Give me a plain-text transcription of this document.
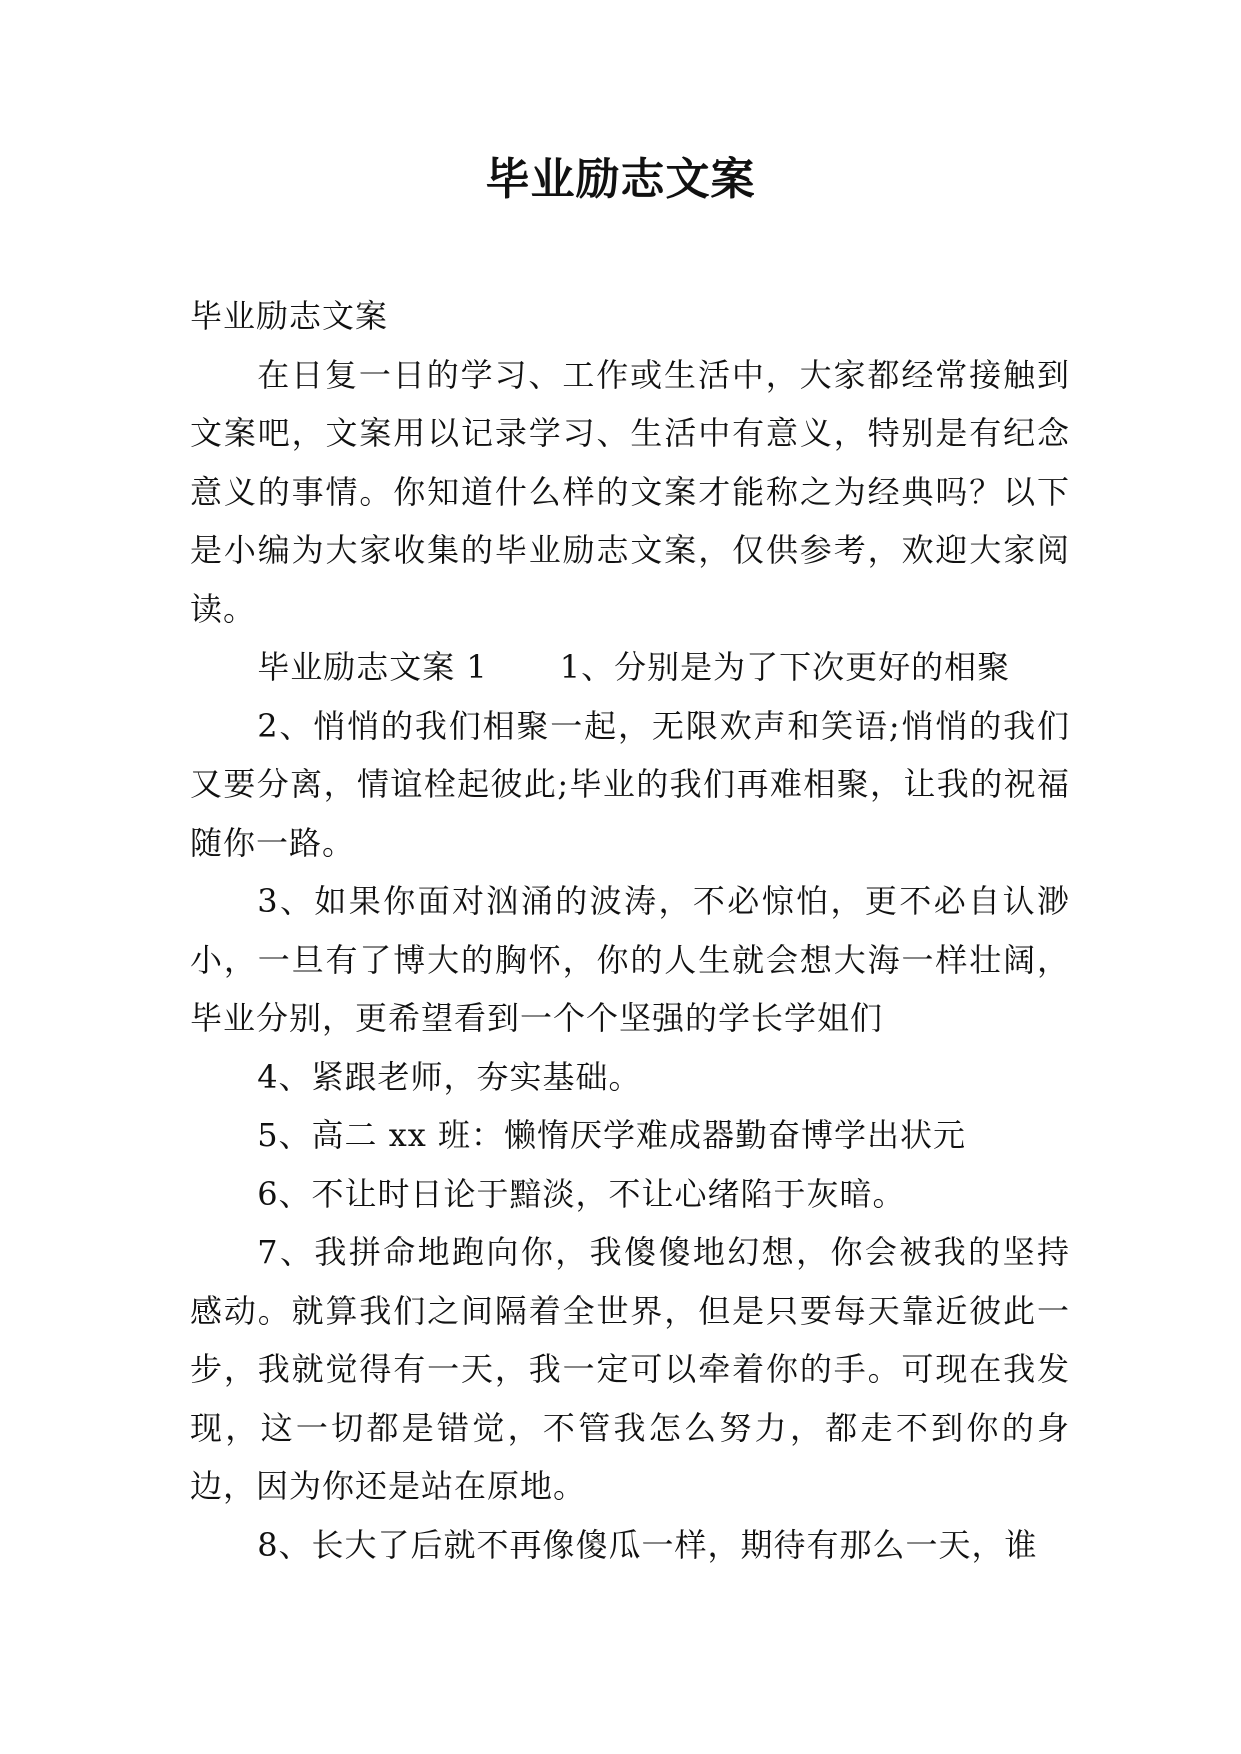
毕业励志文案

毕业励志文案

在日复一日的学习、工作或生活中，大家都经常接触到文案吧，文案用以记录学习、生活中有意义，特别是有纪念意义的事情。你知道什么样的文案才能称之为经典吗？以下是小编为大家收集的毕业励志文案，仅供参考，欢迎大家阅读。

毕业励志文案 1 1、分别是为了下次更好的相聚

2、悄悄的我们相聚一起，无限欢声和笑语;悄悄的我们又要分离，情谊栓起彼此;毕业的我们再难相聚，让我的祝福随你一路。

3、如果你面对汹涌的波涛，不必惊怕，更不必自认渺小，一旦有了博大的胸怀，你的人生就会想大海一样壮阔，毕业分别，更希望看到一个个坚强的学长学姐们

4、紧跟老师，夯实基础。

5、高二 xx 班：懒惰厌学难成器勤奋博学出状元

6、不让时日论于黯淡，不让心绪陷于灰暗。

7、我拼命地跑向你，我傻傻地幻想，你会被我的坚持感动。就算我们之间隔着全世界，但是只要每天靠近彼此一步，我就觉得有一天，我一定可以牵着你的手。可现在我发现，这一切都是错觉，不管我怎么努力，都走不到你的身边，因为你还是站在原地。

8、长大了后就不再像傻瓜一样，期待有那么一天，谁
